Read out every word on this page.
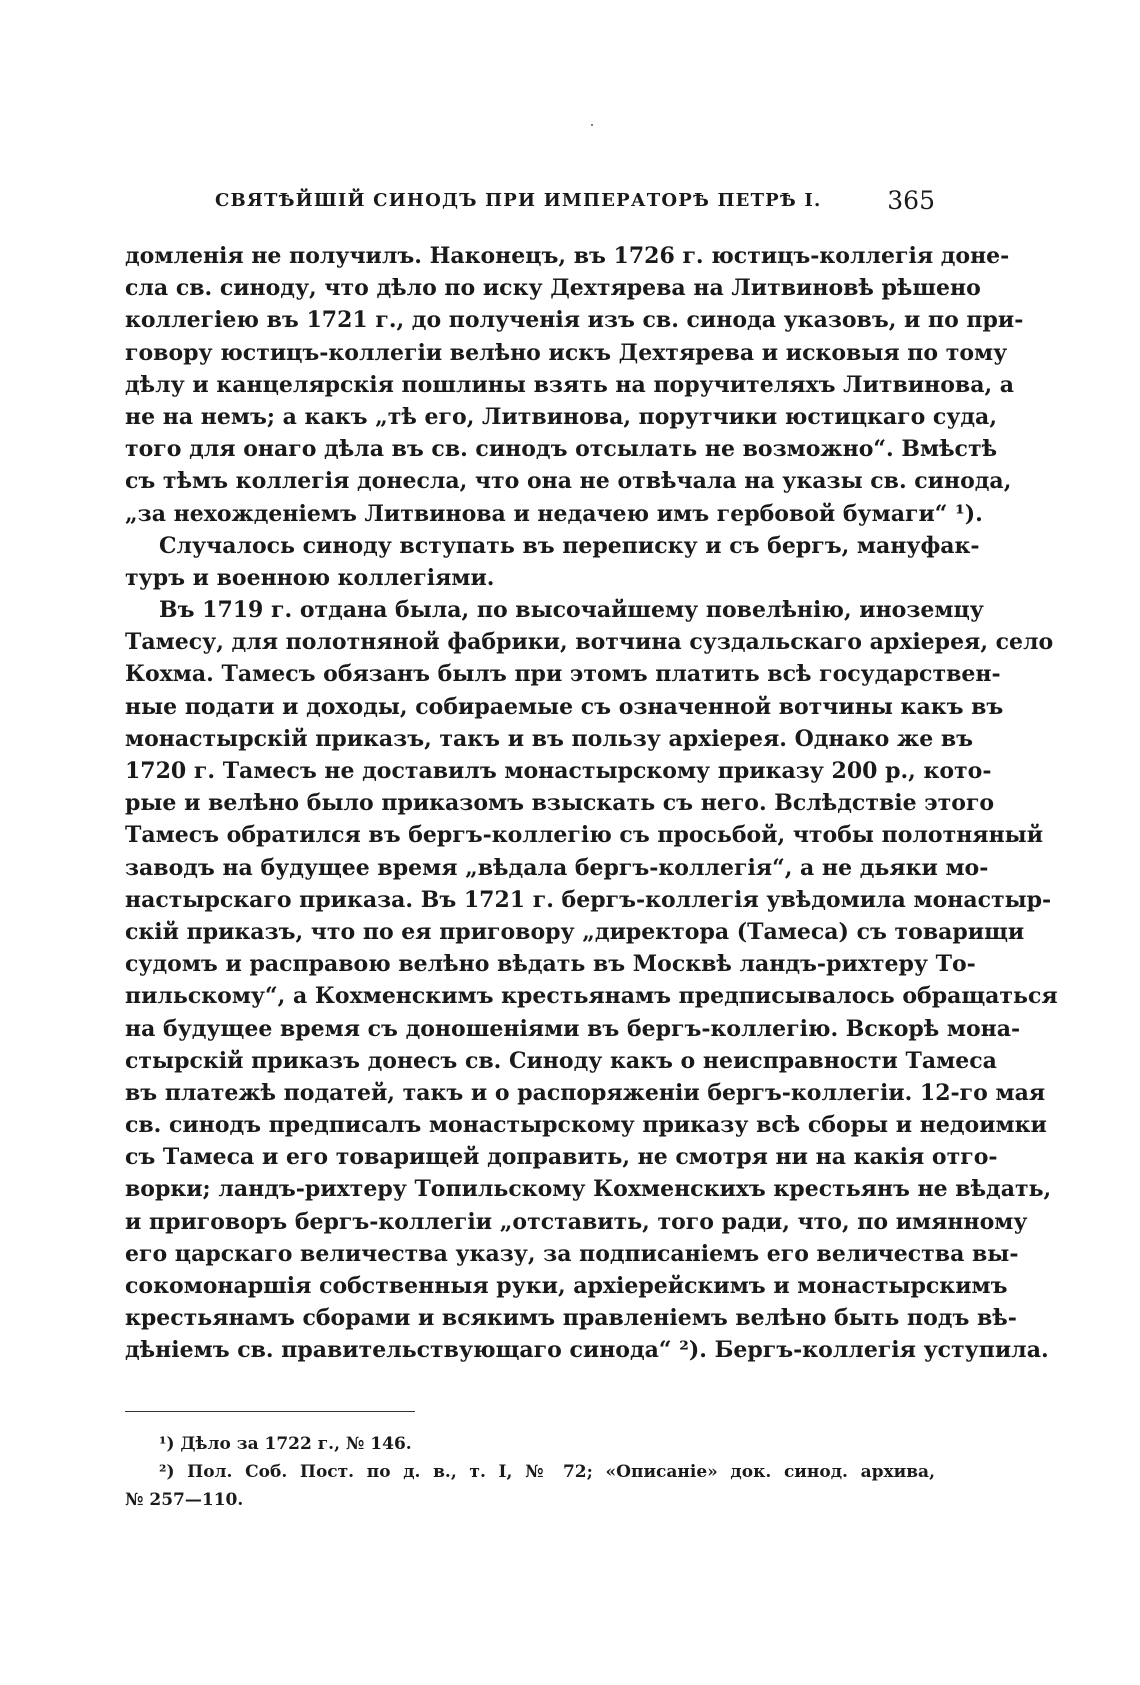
СВЯТѢЙШІЙ СИНОДЪ ПРИ ИМПЕРАТОРѢ ПЕТРѢ I.	365
домленія не получилъ. Наконецъ, въ 1726 г. юстицъ-коллегія доне-
сла св. синоду, что дѣло по иску Дехтярева на Литвиновѣ рѣшено
коллегіею въ 1721 г., до полученія изъ св. синода указовъ, и по при-
говору юстицъ-коллегіи велѣно искъ Дехтярева и исковыя по тому
дѣлу и канцелярскія пошлины взять на поручителяхъ Литвинова, а
не на немъ; а какъ „тѣ его, Литвинова, порутчики юстицкаго суда,
того для онаго дѣла въ св. синодъ отсылать не возможно“. Вмѣстѣ
съ тѣмъ коллегія донесла, что она не отвѣчала на указы св. синода,
„за нехожденіемъ Литвинова и недачею имъ гербовой бумаги“ ¹).
Случалось синоду вступать въ переписку и съ бергъ, мануфак-
туръ и военною коллегіями.
Въ 1719 г. отдана была, по высочайшему повелѣнію, иноземцу
Тамесу, для полотняной фабрики, вотчина суздальскаго архіерея, село
Кохма. Тамесъ обязанъ былъ при этомъ платить всѣ государствен-
ные подати и доходы, собираемые съ означенной вотчины какъ въ
монастырскій приказъ, такъ и въ пользу архіерея. Однако же въ
1720 г. Тамесъ не доставилъ монастырскому приказу 200 р., кото-
рые и велѣно было приказомъ взыскать съ него. Вслѣдствіе этого
Тамесъ обратился въ бергъ-коллегію съ просьбой, чтобы полотняный
заводъ на будущее время „вѣдала бергъ-коллегія“, а не дьяки мо-
настырскаго приказа. Въ 1721 г. бергъ-коллегія увѣдомила монастыр-
скій приказъ, что по ея приговору „директора (Тамеса) съ товарищи
судомъ и расправою велѣно вѣдать въ Москвѣ ландъ-рихтеру То-
пильскому“, а Кохменскимъ крестьянамъ предписывалось обращаться
на будущее время съ доношеніями въ бергъ-коллегію. Вскорѣ мона-
стырскій приказъ донесъ св. Синоду какъ о неисправности Тамеса
въ платежѣ податей, такъ и о распоряженіи бергъ-коллегіи. 12-го мая
св. синодъ предписалъ монастырскому приказу всѣ сборы и недоимки
съ Тамеса и его товарищей доправить, не смотря ни на какія отго-
ворки; ландъ-рихтеру Топильскому Кохменскихъ крестьянъ не вѣдать,
и приговоръ бергъ-коллегіи „отставить, того ради, что, по имянному
его царскаго величества указу, за подписаніемъ его величества вы-
сокомонаршія собственныя руки, архіерейскимъ и монастырскимъ
крестьянамъ сборами и всякимъ правленіемъ велѣно быть подъ вѣ-
дѣніемъ св. правительствующаго синода“ ²). Бергъ-коллегія уступила.
¹) Дѣло за 1722 г., № 146.
²) Пол. Соб. Пост. по д. в., т. I, № 72; «Описаніе» док. синод. архива,
№ 257—110.
